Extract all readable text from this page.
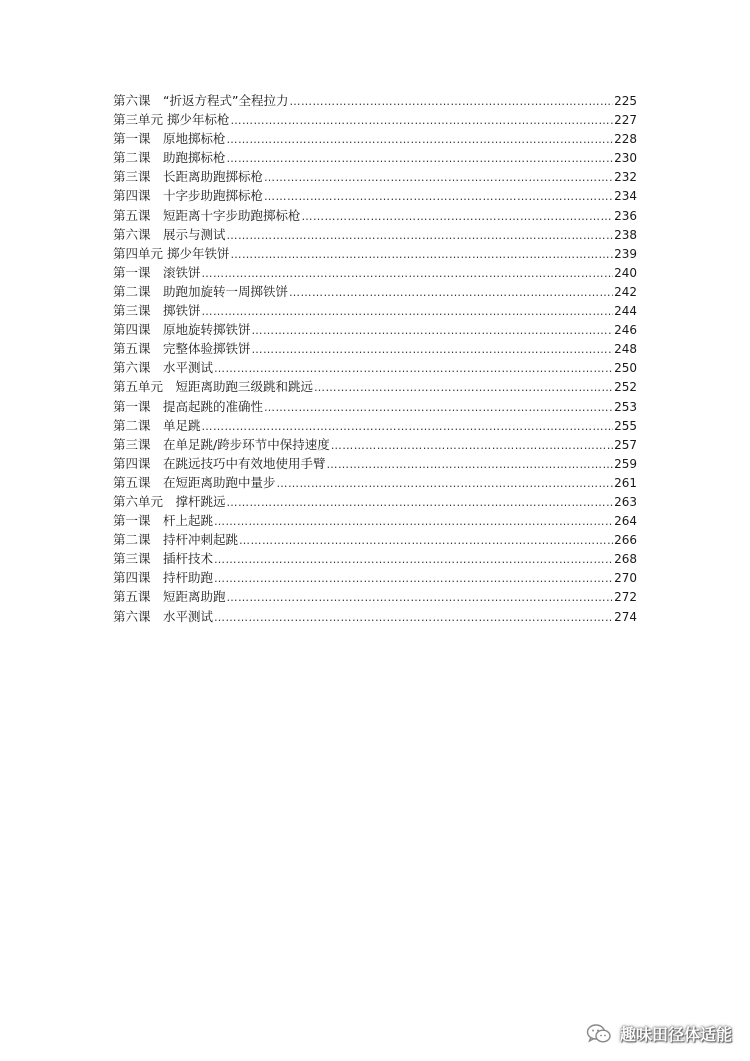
第六课　“折返方程式”全程拉力 ………………………………………………………………………………………………………………………………………………………………………………………………	225
第三单元 掷少年标枪 ………………………………………………………………………………………………………………………………………………………………………………………………	227
第一课　原地掷标枪 ………………………………………………………………………………………………………………………………………………………………………………………………	228
第二课　助跑掷标枪 ………………………………………………………………………………………………………………………………………………………………………………………………	230
第三课　长距离助跑掷标枪 ………………………………………………………………………………………………………………………………………………………………………………………………	232
第四课　十字步助跑掷标枪 ………………………………………………………………………………………………………………………………………………………………………………………………	234
第五课　短距离十字步助跑掷标枪 ………………………………………………………………………………………………………………………………………………………………………………………………	236
第六课　展示与测试 ………………………………………………………………………………………………………………………………………………………………………………………………	238
第四单元 掷少年铁饼 ………………………………………………………………………………………………………………………………………………………………………………………………	239
第一课　滚铁饼 ………………………………………………………………………………………………………………………………………………………………………………………………	240
第二课　助跑加旋转一周掷铁饼 ………………………………………………………………………………………………………………………………………………………………………………………………	242
第三课　掷铁饼 ………………………………………………………………………………………………………………………………………………………………………………………………	244
第四课　原地旋转掷铁饼 ………………………………………………………………………………………………………………………………………………………………………………………………	246
第五课　完整体验掷铁饼 ………………………………………………………………………………………………………………………………………………………………………………………………	248
第六课　水平测试 ………………………………………………………………………………………………………………………………………………………………………………………………	250
第五单元　短距离助跑三级跳和跳远 ………………………………………………………………………………………………………………………………………………………………………………………………	252
第一课　提高起跳的准确性 ………………………………………………………………………………………………………………………………………………………………………………………………	253
第二课　单足跳 ………………………………………………………………………………………………………………………………………………………………………………………………	255
第三课　在单足跳/跨步环节中保持速度 ………………………………………………………………………………………………………………………………………………………………………………………………	257
第四课　在跳远技巧中有效地使用手臂 ………………………………………………………………………………………………………………………………………………………………………………………………	259
第五课　在短距离助跑中量步 ………………………………………………………………………………………………………………………………………………………………………………………………	261
第六单元　撑杆跳远 ………………………………………………………………………………………………………………………………………………………………………………………………	263
第一课　杆上起跳 ………………………………………………………………………………………………………………………………………………………………………………………………	264
第二课　持杆冲刺起跳 ………………………………………………………………………………………………………………………………………………………………………………………………	266
第三课　插杆技术 ………………………………………………………………………………………………………………………………………………………………………………………………	268
第四课　持杆助跑 ………………………………………………………………………………………………………………………………………………………………………………………………	270
第五课　短距离助跑 ………………………………………………………………………………………………………………………………………………………………………………………………	272
第六课　水平测试 ………………………………………………………………………………………………………………………………………………………………………………………………	274
趣味田径体适能
